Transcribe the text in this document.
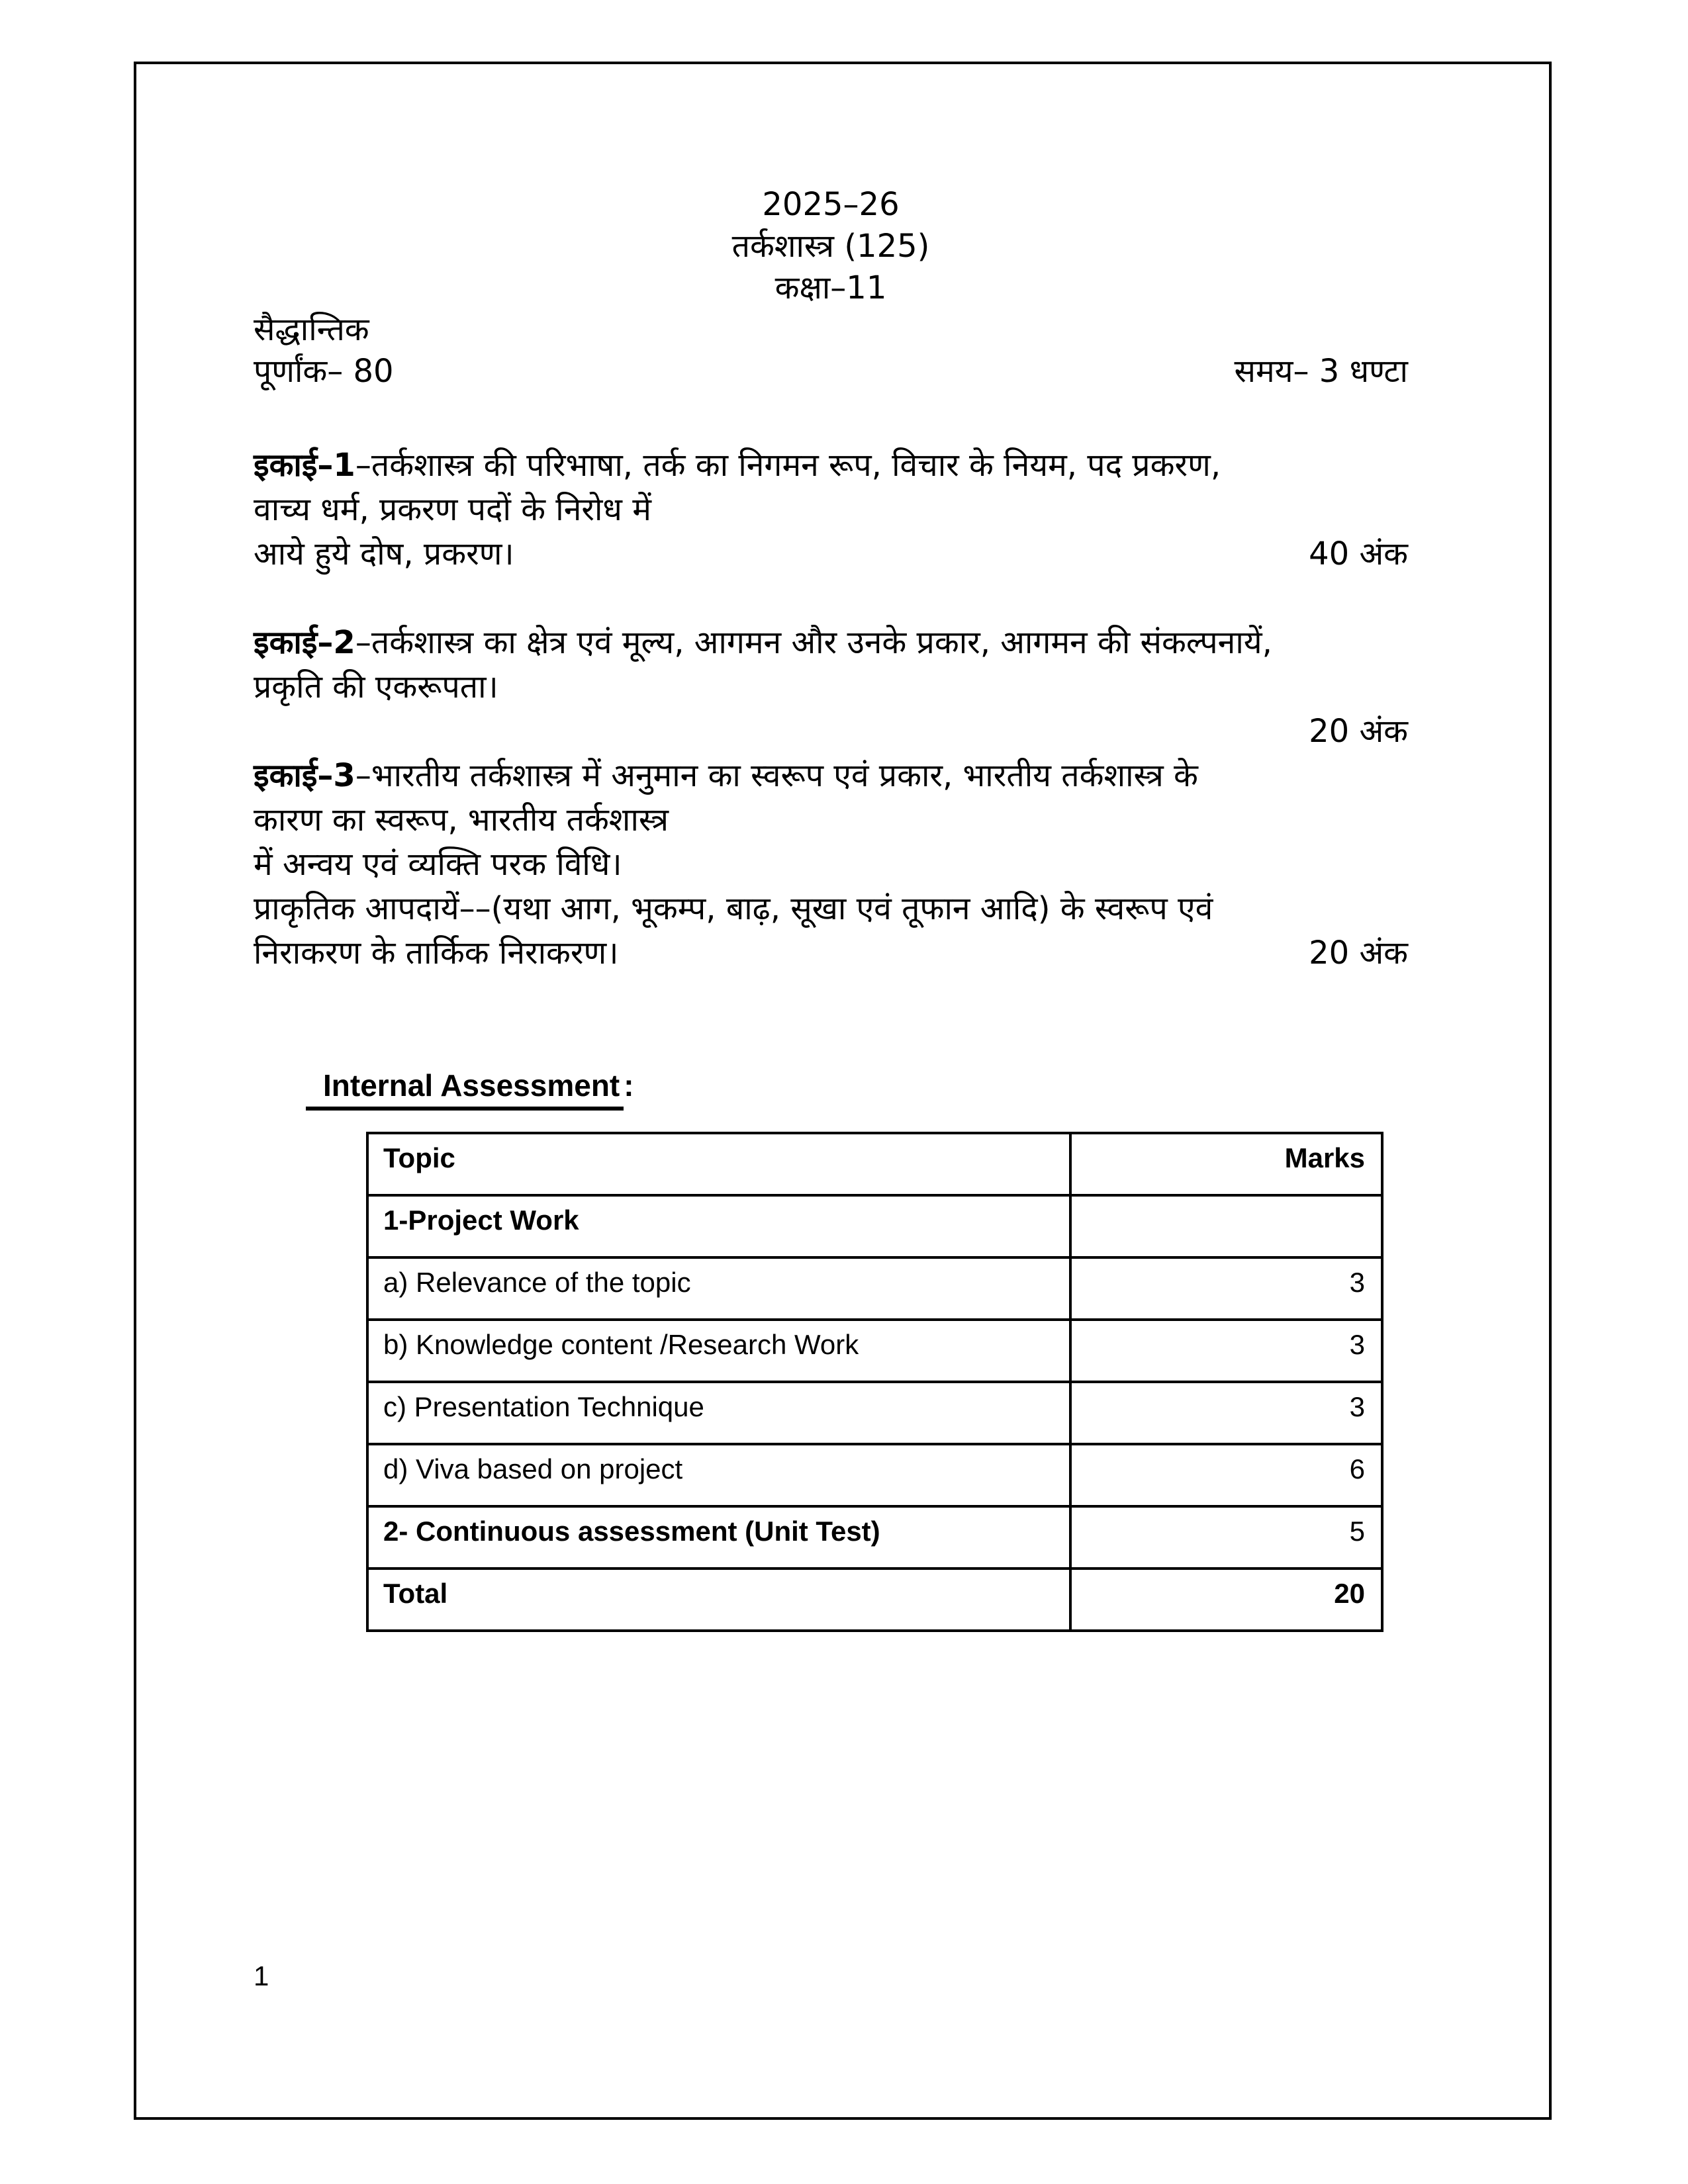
2025–26
तर्कशास्त्र (125)
कक्षा–11
सैद्धान्तिक
पूर्णांक– 80	समय– 3 धण्टा
इकाई–1–तर्कशास्त्र की परिभाषा, तर्क का निगमन रूप, विचार के नियम, पद प्रकरण,
वाच्य धर्म, प्रकरण पदों के निरोध में
आये हुये दोष, प्रकरण।	40 अंक
इकाई–2–तर्कशास्त्र का क्षेत्र एवं मूल्य, आगमन और उनके प्रकार, आगमन की संकल्पनायें,
प्रकृति की एकरूपता।
20 अंक
इकाई–3–भारतीय तर्कशास्त्र में अनुमान का स्वरूप एवं प्रकार, भारतीय तर्कशास्त्र के
कारण का स्वरूप, भारतीय तर्कशास्त्र
में अन्वय एवं व्यक्ति परक विधि।
प्राकृतिक आपदायें––(यथा आग, भूकम्प, बाढ़, सूखा एवं तूफान आदि) के स्वरूप एवं
निराकरण के तार्किक निराकरण।	20 अंक
Internal Assessment :
Topic	Marks
1-Project Work	
a) Relevance of the topic	3
b) Knowledge content /Research Work	3
c) Presentation Technique	3
d) Viva based on project	6
2- Continuous assessment (Unit Test)	5
Total	20
1
